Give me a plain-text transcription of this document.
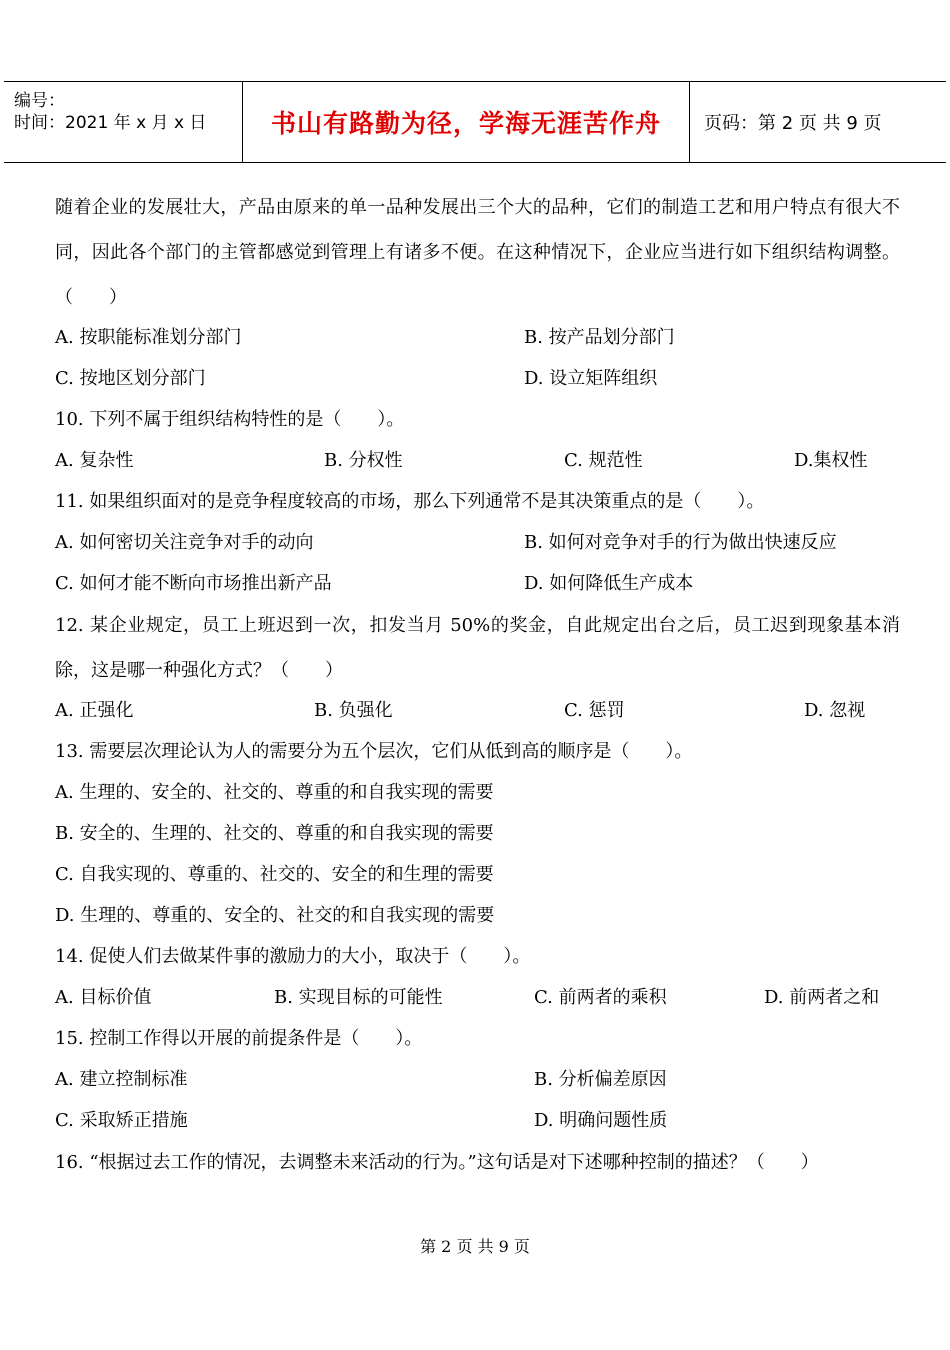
编号：
时间：2021 年 x 月 x 日	书山有路勤为径，学海无涯苦作舟	页码：第 2 页 共 9 页
随着企业的发展壮大，产品由原来的单一品种发展出三个大的品种，它们的制造工艺和用户特点有很大不同，因此各个部门的主管都感觉到管理上有诸多不便。在这种情况下，企业应当进行如下组织结构调整。（　　）
A. 按职能标准划分部门	B. 按产品划分部门
C. 按地区划分部门	D. 设立矩阵组织
10. 下列不属于组织结构特性的是（　　）。
A. 复杂性	B. 分权性	C. 规范性	D.集权性
11. 如果组织面对的是竞争程度较高的市场，那么下列通常不是其决策重点的是（　　）。
A. 如何密切关注竞争对手的动向	B. 如何对竞争对手的行为做出快速反应
C. 如何才能不断向市场推出新产品	D. 如何降低生产成本
12. 某企业规定，员工上班迟到一次，扣发当月 50%的奖金，自此规定出台之后，员工迟到现象基本消除，这是哪一种强化方式？（　　）
A. 正强化	B. 负强化	C. 惩罚	D. 忽视
13. 需要层次理论认为人的需要分为五个层次，它们从低到高的顺序是（　　）。
A. 生理的、安全的、社交的、尊重的和自我实现的需要
B. 安全的、生理的、社交的、尊重的和自我实现的需要
C. 自我实现的、尊重的、社交的、安全的和生理的需要
D. 生理的、尊重的、安全的、社交的和自我实现的需要
14. 促使人们去做某件事的激励力的大小，取决于（　　）。
A. 目标价值	B. 实现目标的可能性	C. 前两者的乘积	D. 前两者之和
15. 控制工作得以开展的前提条件是（　　）。
A. 建立控制标准	B. 分析偏差原因
C. 采取矫正措施	D. 明确问题性质
16. “根据过去工作的情况，去调整未来活动的行为。”这句话是对下述哪种控制的描述？（　　）
第 2 页 共 9 页
